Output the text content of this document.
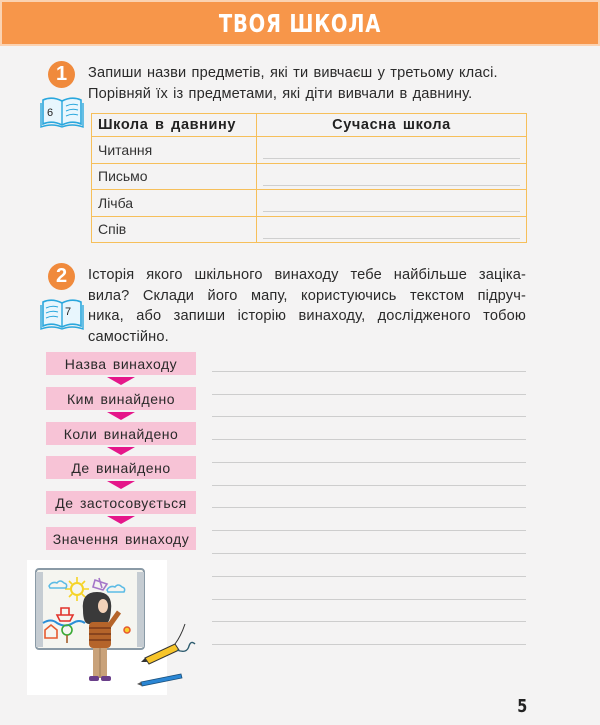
ТВОЯ ШКОЛА
1
6
Запиши назви предметів, які ти вивчаєш у третьому класі.
Порівняй їх із предметами, які діти вивчали в давнину.
Школа в давнину	Сучасна школа
Читання	

Письмо	

Лічба	

Спів	
2
7
Історія якого шкільного винаходу тебе найбільше заціка-
вила? Склади його мапу, користуючись текстом підруч-
ника, або запиши історію винаходу, дослідженого тобою
самостійно.
Назва винаходу
Ким винайдено
Коли винайдено
Де винайдено
Де застосовується
Значення винаходу
5
